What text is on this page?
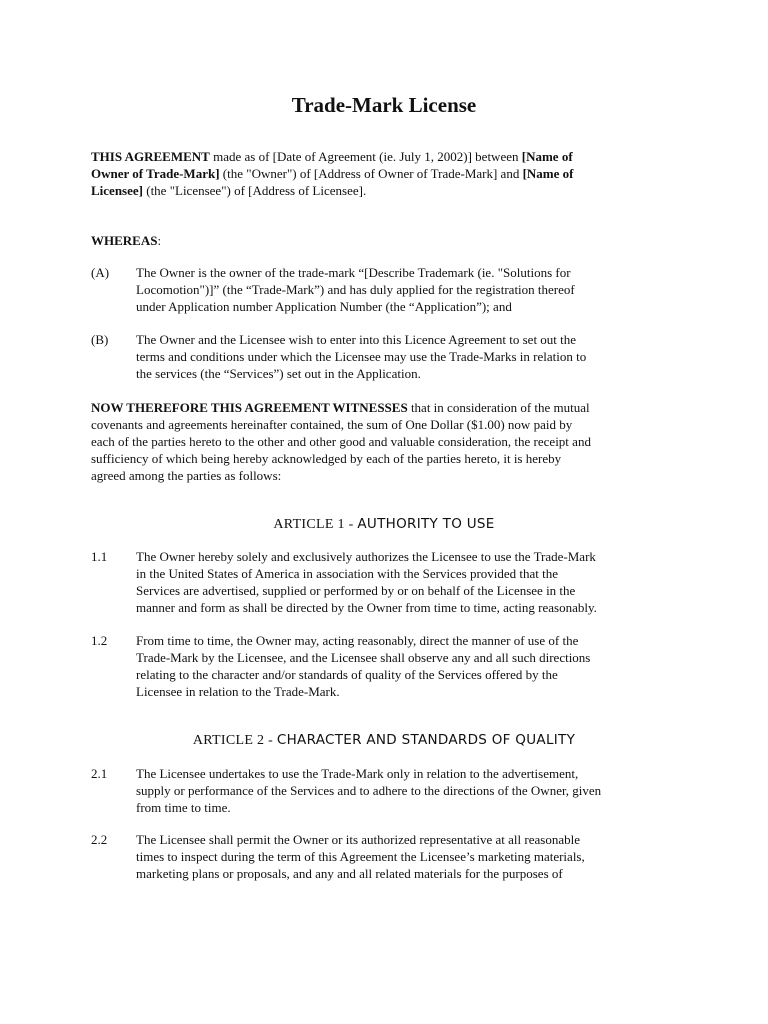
Trade-Mark License
THIS AGREEMENT made as of [Date of Agreement (ie. July 1, 2002)] between [Name of
Owner of Trade-Mark] (the "Owner") of [Address of Owner of Trade-Mark] and [Name of
Licensee] (the "Licensee") of [Address of Licensee].
WHEREAS:
(A) The Owner is the owner of the trade-mark “[Describe Trademark (ie. "Solutions for
Locomotion")]” (the “Trade-Mark”) and has duly applied for the registration thereof
under Application number Application Number (the “Application”); and
(B) The Owner and the Licensee wish to enter into this Licence Agreement to set out the
terms and conditions under which the Licensee may use the Trade-Marks in relation to
the services (the “Services”) set out in the Application.
NOW THEREFORE THIS AGREEMENT WITNESSES that in consideration of the mutual
covenants and agreements hereinafter contained, the sum of One Dollar ($1.00) now paid by
each of the parties hereto to the other and other good and valuable consideration, the receipt and
sufficiency of which being hereby acknowledged by each of the parties hereto, it is hereby
agreed among the parties as follows:
ARTICLE 1 - AUTHORITY TO USE
1.1 The Owner hereby solely and exclusively authorizes the Licensee to use the Trade-Mark
in the United States of America in association with the Services provided that the
Services are advertised, supplied or performed by or on behalf of the Licensee in the
manner and form as shall be directed by the Owner from time to time, acting reasonably.
1.2 From time to time, the Owner may, acting reasonably, direct the manner of use of the
Trade-Mark by the Licensee, and the Licensee shall observe any and all such directions
relating to the character and/or standards of quality of the Services offered by the
Licensee in relation to the Trade-Mark.
ARTICLE 2 - CHARACTER AND STANDARDS OF QUALITY
2.1 The Licensee undertakes to use the Trade-Mark only in relation to the advertisement,
supply or performance of the Services and to adhere to the directions of the Owner, given
from time to time.
2.2 The Licensee shall permit the Owner or its authorized representative at all reasonable
times to inspect during the term of this Agreement the Licensee’s marketing materials,
marketing plans or proposals, and any and all related materials for the purposes of
